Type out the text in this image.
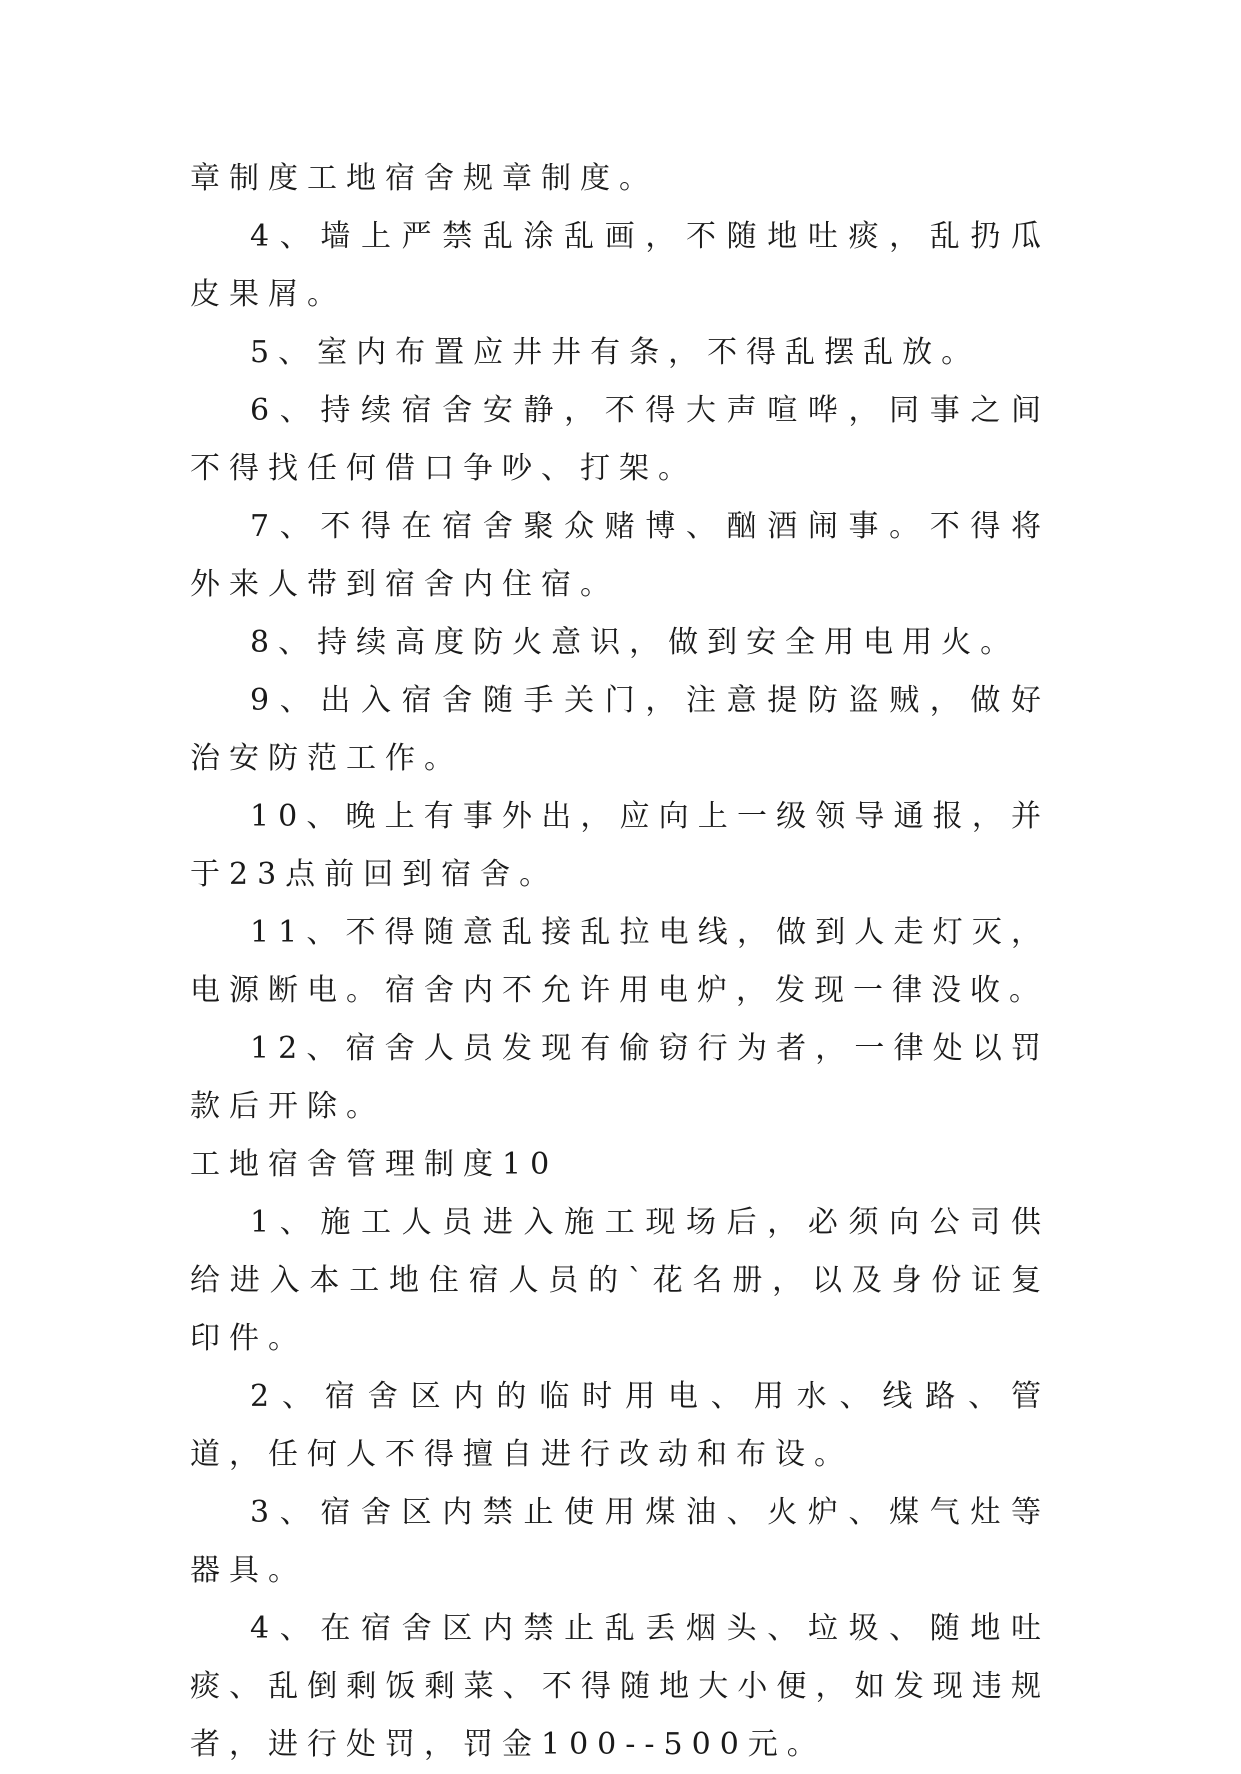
章制度工地宿舍规章制度。

4、墙上严禁乱涂乱画，不随地吐痰，乱扔瓜皮果屑。

5、室内布置应井井有条，不得乱摆乱放。

6、持续宿舍安静，不得大声喧哗，同事之间不得找任何借口争吵、打架。

7、不得在宿舍聚众赌博、酗酒闹事。不得将外来人带到宿舍内住宿。

8、持续高度防火意识，做到安全用电用火。

9、出入宿舍随手关门，注意提防盗贼，做好治安防范工作。

10、晚上有事外出，应向上一级领导通报，并于23点前回到宿舍。

11、不得随意乱接乱拉电线，做到人走灯灭，电源断电。宿舍内不允许用电炉，发现一律没收。

12、宿舍人员发现有偷窃行为者，一律处以罚款后开除。

工地宿舍管理制度10

1、施工人员进入施工现场后，必须向公司供给进入本工地住宿人员的`花名册，以及身份证复印件。

2、宿舍区内的临时用电、用水、线路、管道，任何人不得擅自进行改动和布设。

3、宿舍区内禁止使用煤油、火炉、煤气灶等器具。

4、在宿舍区内禁止乱丢烟头、垃圾、随地吐痰、乱倒剩饭剩菜、不得随地大小便，如发现违规者，进行处罚，罚金100--500元。
